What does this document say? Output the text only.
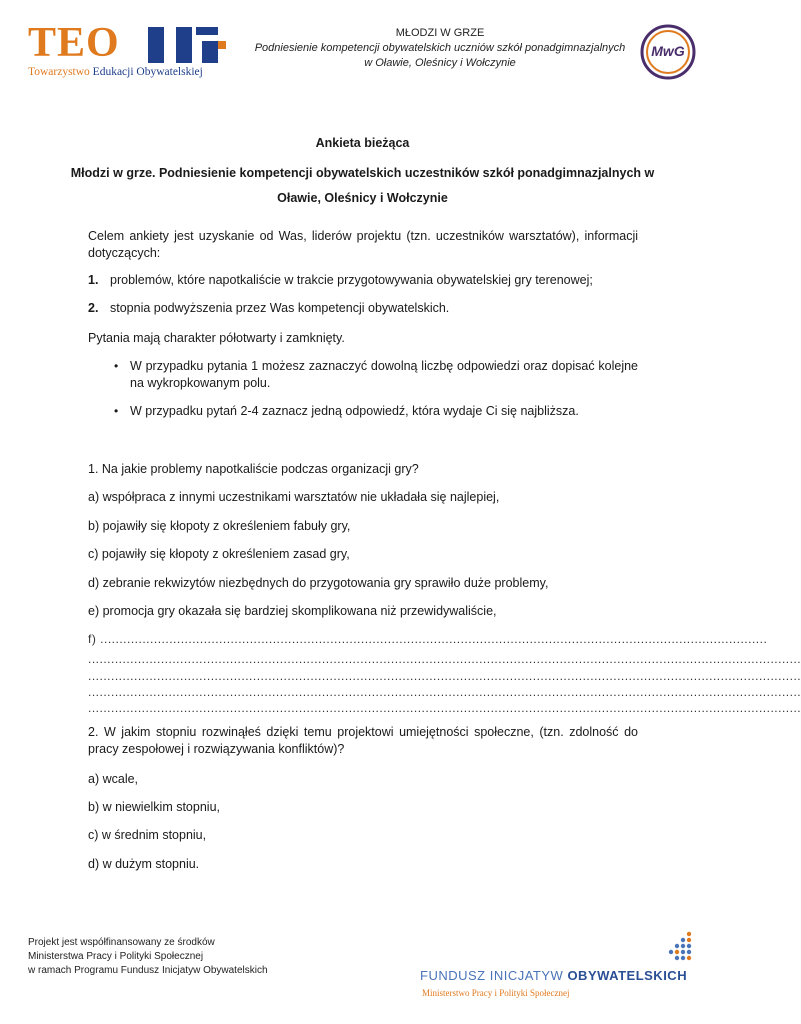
TEO
Towarzystwo Edukacji Obywatelskiej
MŁODZI W GRZE
Podniesienie kompetencji obywatelskich uczniów szkół ponadgimnazjalnych
w Oławie, Oleśnicy i Wołczynie
MwG
Ankieta bieżąca
Młodzi w grze. Podniesienie kompetencji obywatelskich uczestników szkół ponadgimnazjalnych w
Oławie, Oleśnicy i Wołczynie
Celem ankiety jest uzyskanie od Was, liderów projektu (tzn. uczestników warsztatów), informacji dotyczących:
1. problemów, które napotkaliście w trakcie przygotowywania obywatelskiej gry terenowej;
2. stopnia podwyższenia przez Was kompetencji obywatelskich.
Pytania mają charakter półotwarty i zamknięty.
• W przypadku pytania 1 możesz zaznaczyć dowolną liczbę odpowiedzi oraz dopisać kolejne na wykropkowanym polu.
• W przypadku pytań 2-4 zaznacz jedną odpowiedź, która wydaje Ci się najbliższa.
1. Na jakie problemy napotkaliście podczas organizacji gry?
a) współpraca z innymi uczestnikami warsztatów nie układała się najlepiej,
b) pojawiły się kłopoty z określeniem fabuły gry,
c) pojawiły się kłopoty z określeniem zasad gry,
d) zebranie rekwizytów niezbędnych do przygotowania gry sprawiło duże problemy,
e) promocja gry okazała się bardziej skomplikowana niż przewidywaliście,
f) ..............................................................................................................................................................................
..........................................................................................................................................................................................
..........................................................................................................................................................................................
..........................................................................................................................................................................................
..........................................................................................................................................................................................
2. W jakim stopniu rozwinąłeś dzięki temu projektowi umiejętności społeczne, (tzn. zdolność do pracy zespołowej i rozwiązywania konfliktów)?
a) wcale,
b) w niewielkim stopniu,
c) w średnim stopniu,
d) w dużym stopniu.
Projekt jest współfinansowany ze środków
Ministerstwa Pracy i Polityki Społecznej
w ramach Programu Fundusz Inicjatyw Obywatelskich	FUNDUSZ INICJATYW OBYWATELSKICH
Ministerstwo Pracy i Polityki Społecznej
